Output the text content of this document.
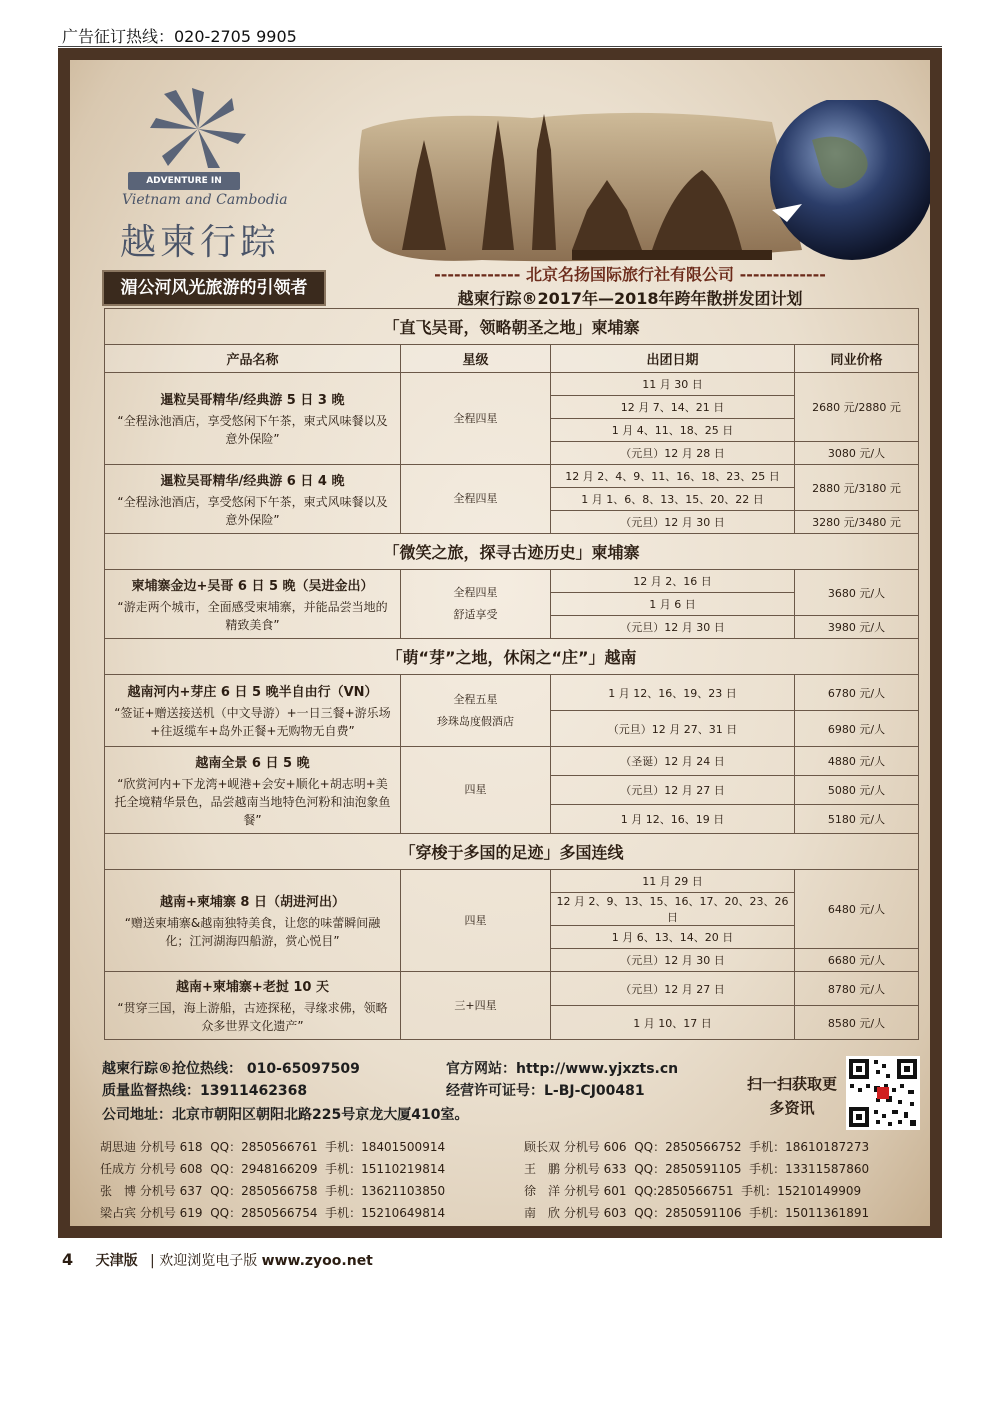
广告征订热线：020-2705 9905
ADVENTURE IN
Vietnam and Cambodia
越柬行踪
湄公河风光旅游的引领者
------------- 北京名扬国际旅行社有限公司 -------------
越柬行踪®2017年—2018年跨年散拼发团计划
「直飞吴哥，领略朝圣之地」柬埔寨			
产品名称	星级	出团日期	同业价格

暹粒吴哥精华/经典游 5 日 3 晚
“全程泳池酒店，享受悠闲下午茶，柬式风味餐以及意外保险”	全程四星	11 月 30 日	2680 元/2880 元
		12 月 7、14、21 日	
		1 月 4、11、18、25 日	
		（元旦）12 月 28 日	3080 元/人

暹粒吴哥精华/经典游 6 日 4 晚
“全程泳池酒店，享受悠闲下午茶，柬式风味餐以及意外保险”	全程四星	12 月 2、4、9、11、16、18、23、25 日	2880 元/3180 元
		1 月 1、6、8、13、15、20、22 日	
		（元旦）12 月 30 日	3280 元/3480 元
「微笑之旅，探寻古迹历史」柬埔寨			

柬埔寨金边+吴哥 6 日 5 晚（吴进金出）
“游走两个城市，全面感受柬埔寨，并能品尝当地的精致美食”	全程四星
舒适享受	12 月 2、16 日	3680 元/人
		1 月 6 日	
		（元旦）12 月 30 日	3980 元/人
「萌“芽”之地，休闲之“庄”」越南			

越南河内+芽庄 6 日 5 晚半自由行（VN）
“签证+赠送接送机（中文导游）+一日三餐+游乐场+往返缆车+岛外正餐+无购物无自费”	全程五星
珍珠岛度假酒店	1 月 12、16、19、23 日	6780 元/人
		（元旦）12 月 27、31 日	6980 元/人

越南全景 6 日 5 晚
“欣赏河内+下龙湾+岘港+会安+顺化+胡志明+美托全境精华景色，品尝越南当地特色河粉和油泡象鱼餐”	四星	（圣诞）12 月 24 日	4880 元/人
		（元旦）12 月 27 日	5080 元/人
		1 月 12、16、19 日	5180 元/人
「穿梭于多国的足迹」多国连线			

越南+柬埔寨 8 日（胡进河出）
“赠送柬埔寨&越南独特美食，让您的味蕾瞬间融化；江河湖海四船游，赏心悦目”	四星	11 月 29 日	6480 元/人
		12 月 2、9、13、15、16、17、20、23、26 日	
		1 月 6、13、14、20 日	
		（元旦）12 月 30 日	6680 元/人

越南+柬埔寨+老挝 10 天
“贯穿三国，海上游船，古迹探秘，寻缘求佛，领略众多世界文化遗产”	三+四星	（元旦）12 月 27 日	8780 元/人
		1 月 10、17 日	8580 元/人
越柬行踪®抢位热线： 010-65097509
质量监督热线：13911462368
公司地址：北京市朝阳区朝阳北路225号京龙大厦410室。
官方网站：http://www.yjxzts.cn
经营许可证号：L-BJ-CJ00481	扫一扫获取更多资讯
胡思迪 分机号 618 QQ：2850566761 手机：18401500914
任成方 分机号 608 QQ：2948166209 手机：15110219814
张　博 分机号 637 QQ：2850566758 手机：13621103850
梁占宾 分机号 619 QQ：2850566754 手机：15210649814
顾长双 分机号 606 QQ：2850566752 手机：18610187273
王　鹏 分机号 633 QQ：2850591105 手机：13311587860
徐　洋 分机号 601 QQ:2850566751 手机：15210149909
南　欣 分机号 603 QQ：2850591106 手机：15011361891
4 天津版 | 欢迎浏览电子版 www.zyoo.net
